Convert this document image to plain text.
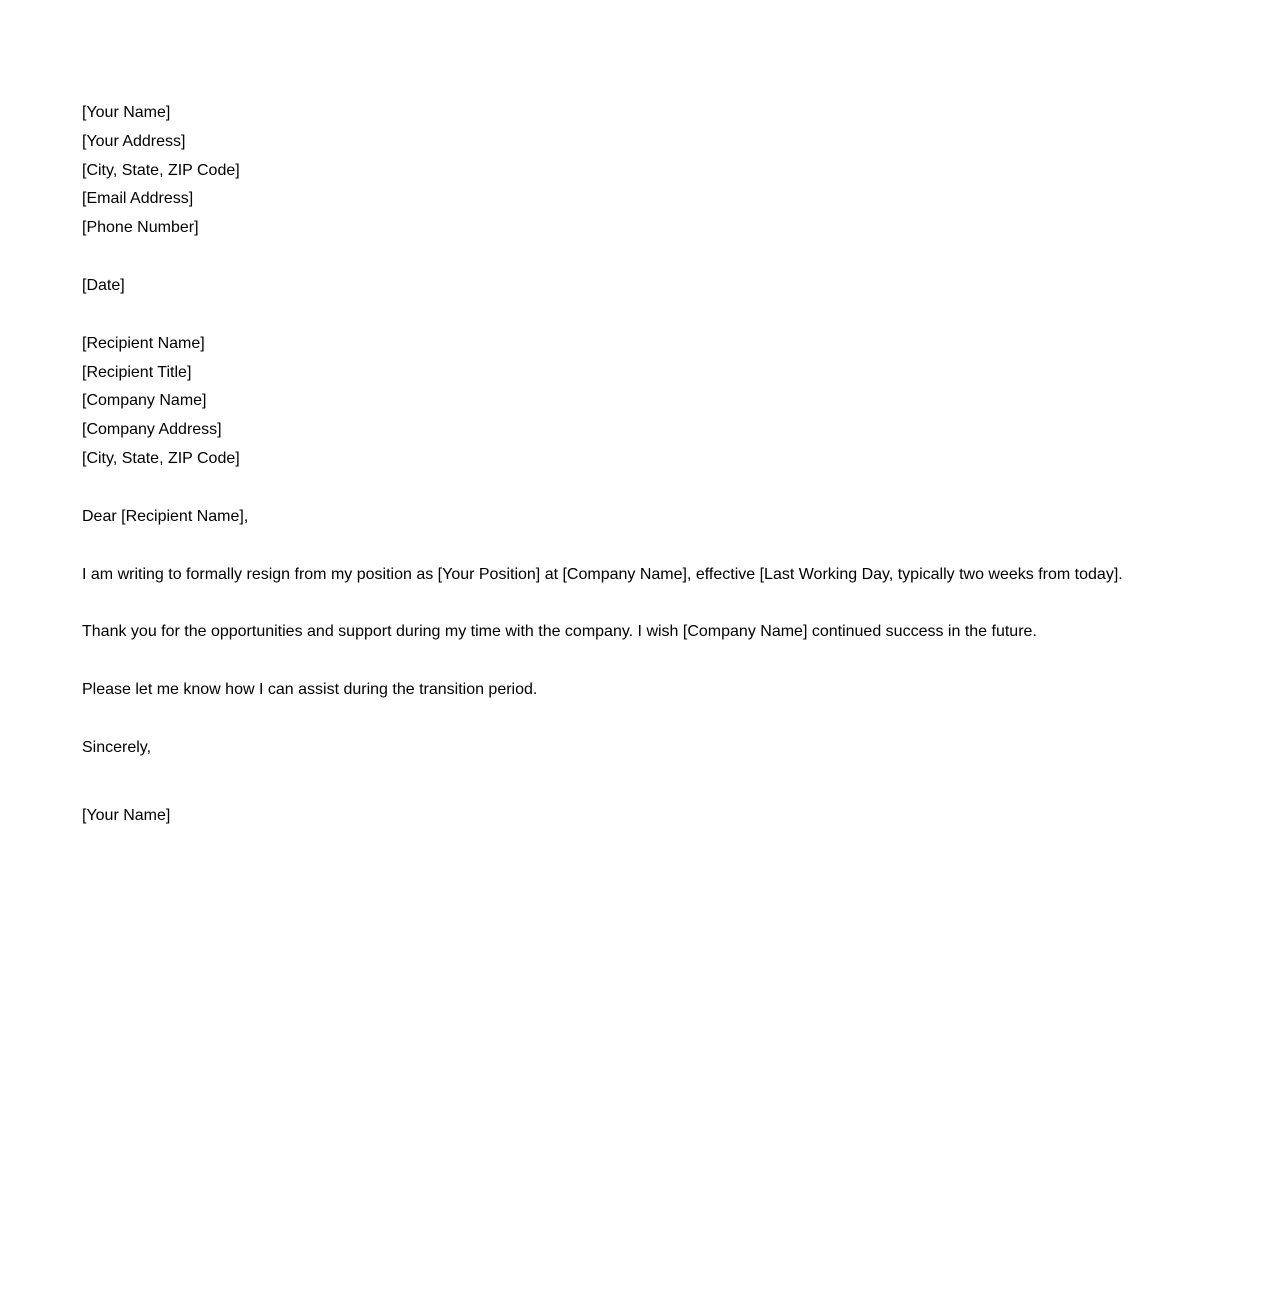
[Your Name]
[Your Address]
[City, State, ZIP Code]
[Email Address]
[Phone Number]
[Date]
[Recipient Name]
[Recipient Title]
[Company Name]
[Company Address]
[City, State, ZIP Code]
Dear [Recipient Name],
I am writing to formally resign from my position as [Your Position] at [Company Name], effective [Last Working Day, typically two weeks from today].
Thank you for the opportunities and support during my time with the company. I wish [Company Name] continued success in the future.
Please let me know how I can assist during the transition period.
Sincerely,
[Your Name]
